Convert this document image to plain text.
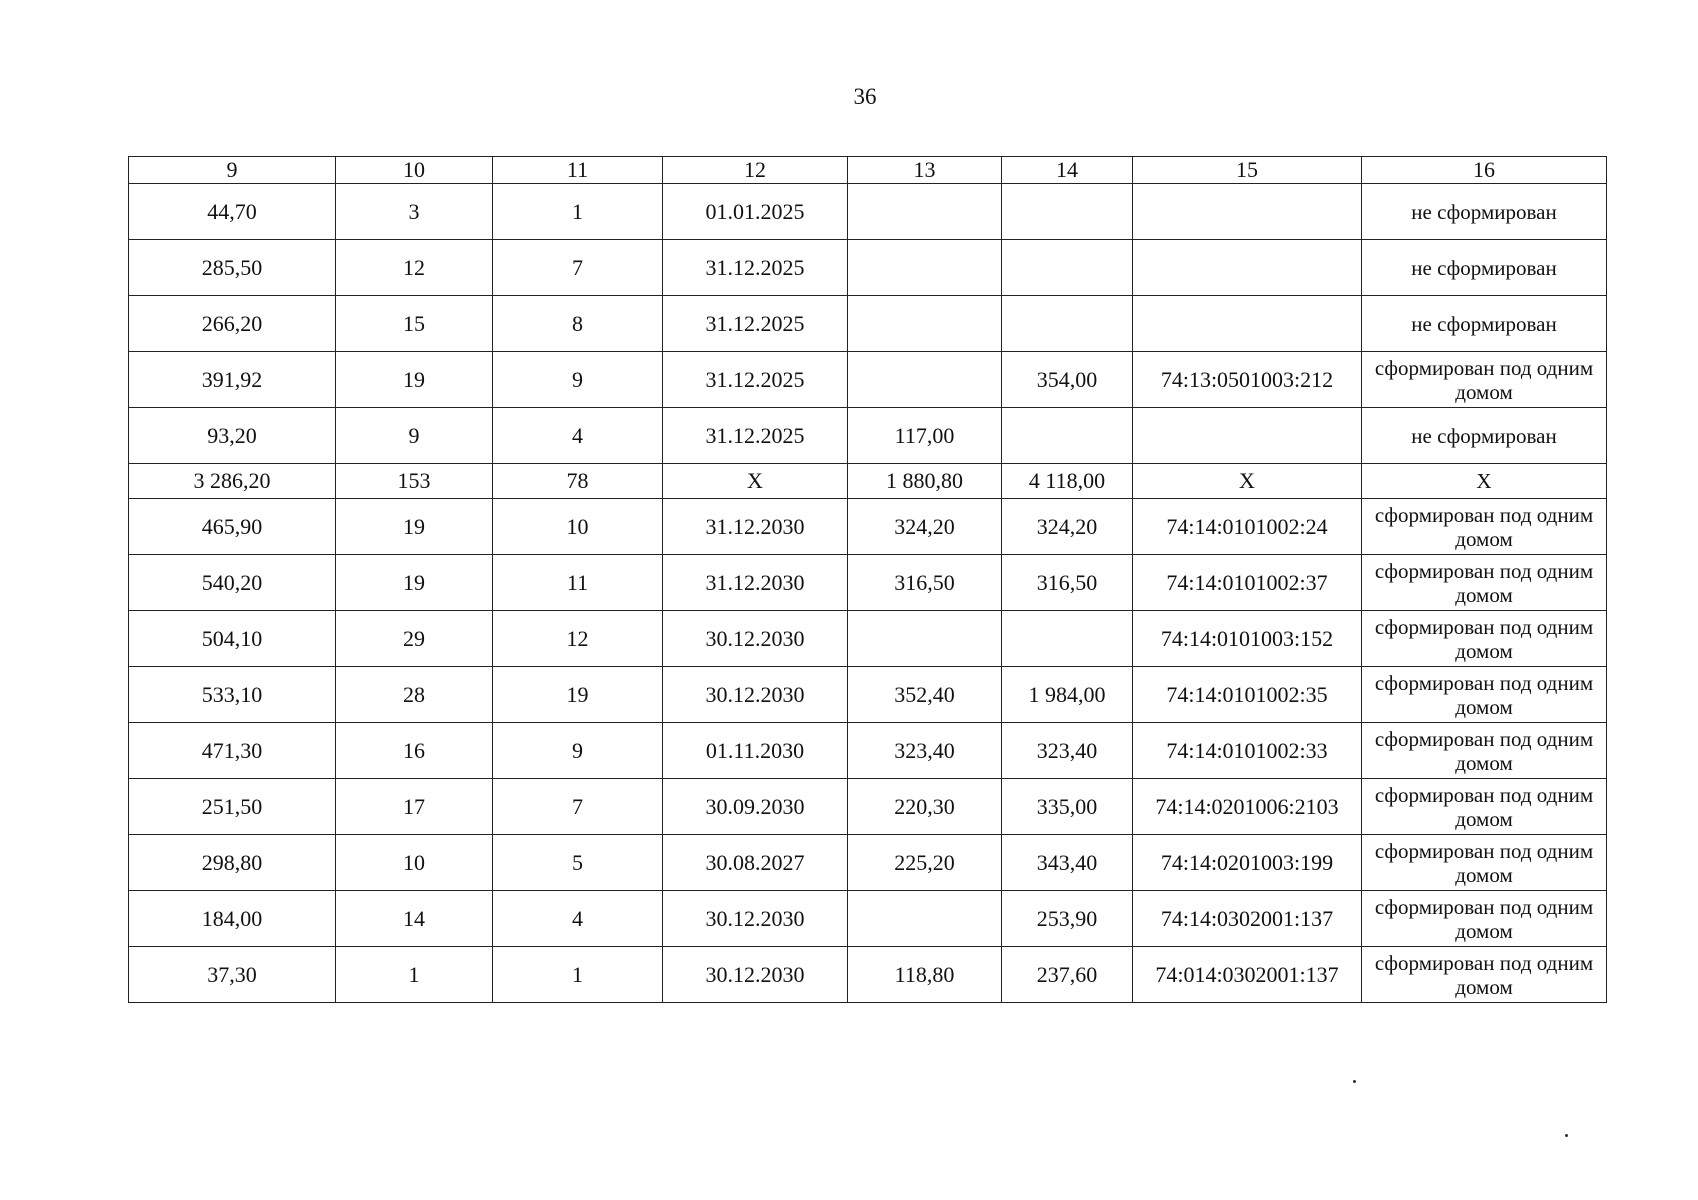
36
9	10	11	12	13	14	15	16
44,70	3	1	01.01.2025				не сформирован
285,50	12	7	31.12.2025				не сформирован
266,20	15	8	31.12.2025				не сформирован
391,92	19	9	31.12.2025		354,00	74:13:0501003:212	сформирован под одним домом
93,20	9	4	31.12.2025	117,00			не сформирован
3 286,20	153	78	X	1 880,80	4 118,00	X	X
465,90	19	10	31.12.2030	324,20	324,20	74:14:0101002:24	сформирован под одним домом
540,20	19	11	31.12.2030	316,50	316,50	74:14:0101002:37	сформирован под одним домом
504,10	29	12	30.12.2030			74:14:0101003:152	сформирован под одним домом
533,10	28	19	30.12.2030	352,40	1 984,00	74:14:0101002:35	сформирован под одним домом
471,30	16	9	01.11.2030	323,40	323,40	74:14:0101002:33	сформирован под одним домом
251,50	17	7	30.09.2030	220,30	335,00	74:14:0201006:2103	сформирован под одним домом
298,80	10	5	30.08.2027	225,20	343,40	74:14:0201003:199	сформирован под одним домом
184,00	14	4	30.12.2030		253,90	74:14:0302001:137	сформирован под одним домом
37,30	1	1	30.12.2030	118,80	237,60	74:014:0302001:137	сформирован под одним домом
